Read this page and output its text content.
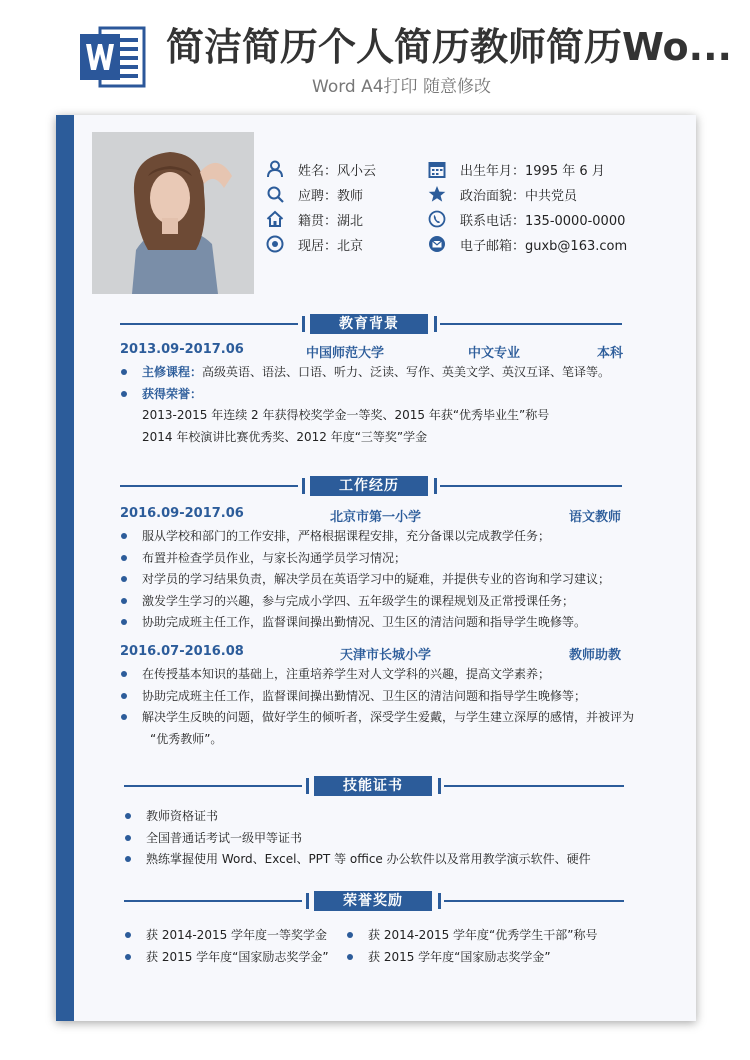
简洁简历个人简历教师简历Wo...
Word A4打印 随意修改
姓名：风小云
应聘：教师
籍贯：湖北
现居：北京
出生年月：1995 年 6 月
政治面貌：中共党员
联系电话：135-0000-0000
电子邮箱：guxb@163.com
教育背景
2013.09-2017.06	中国师范大学	中文专业	本科
主修课程：高级英语、语法、口语、听力、泛读、写作、英美文学、英汉互译、笔译等。
获得荣誉：
2013-2015 年连续 2 年获得校奖学金一等奖、2015 年获“优秀毕业生”称号
2014 年校演讲比赛优秀奖、2012 年度“三等奖”学金
工作经历
2016.09-2017.06	北京市第一小学	语文教师
服从学校和部门的工作安排，严格根据课程安排，充分备课以完成教学任务；
布置并检查学员作业，与家长沟通学员学习情况；
对学员的学习结果负责，解决学员在英语学习中的疑难，并提供专业的咨询和学习建议；
激发学生学习的兴趣，参与完成小学四、五年级学生的课程规划及正常授课任务；
协助完成班主任工作，监督课间操出勤情况、卫生区的清洁问题和指导学生晚修等。
2016.07-2016.08	天津市长城小学	教师助教
在传授基本知识的基础上，注重培养学生对人文学科的兴趣，提高文学素养；
协助完成班主任工作，监督课间操出勤情况、卫生区的清洁问题和指导学生晚修等；
解决学生反映的问题，做好学生的倾听者，深受学生爱戴，与学生建立深厚的感情，并被评为
“优秀教师”。
技能证书
教师资格证书
全国普通话考试一级甲等证书
熟练掌握使用 Word、Excel、PPT 等 office 办公软件以及常用教学演示软件、硬件
荣誉奖励
获 2014-2015 学年度一等奖学金
获 2015 学年度“国家励志奖学金”
获 2014-2015 学年度“优秀学生干部”称号
获 2015 学年度“国家励志奖学金”
